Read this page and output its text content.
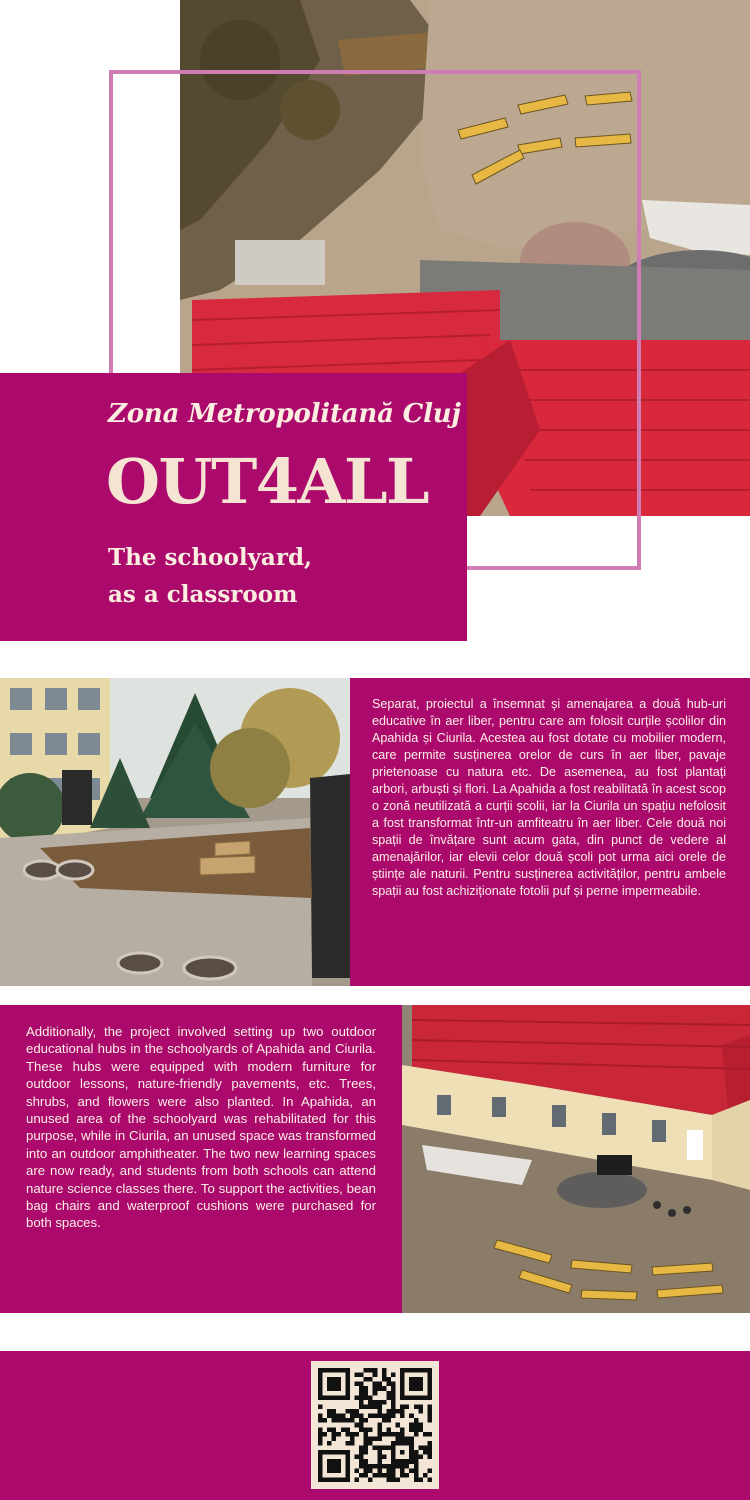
Zona Metropolitană Cluj
OUT4ALL
The schoolyard,
as a classroom

Separat, proiectul a însemnat și amenajarea a două hub-uri educative în aer liber, pentru care am folosit curțile școlilor din Apahida și Ciurila. Acestea au fost dotate cu mobilier modern, care permite susținerea orelor de curs în aer liber, pavaje prietenoase cu natura etc. De asemenea, au fost plantați arbori, arbuști și flori. La Apahida a fost reabilitată în acest scop o zonă neutilizată a curții școlii, iar la Ciurila un spațiu nefolosit a fost transformat într-un amfiteatru în aer liber. Cele două noi spații de învățare sunt acum gata, din punct de vedere al amenajărilor, iar elevii celor două școli pot urma aici orele de științe ale naturii. Pentru susținerea activităților, pentru ambele spații au fost achiziționate fotolii puf și perne impermeabile.

Additionally, the project involved setting up two outdoor educational hubs in the schoolyards of Apahida and Ciurila. These hubs were equipped with modern furniture for outdoor lessons, nature-friendly pavements, etc. Trees, shrubs, and flowers were also planted. In Apahida, an unused area of the schoolyard was rehabilitated for this purpose, while in Ciurila, an unused space was transformed into an outdoor amphitheater. The two new learning spaces are now ready, and students from both schools can attend nature science classes there. To support the activities, bean bag chairs and waterproof cushions were purchased for both spaces.
